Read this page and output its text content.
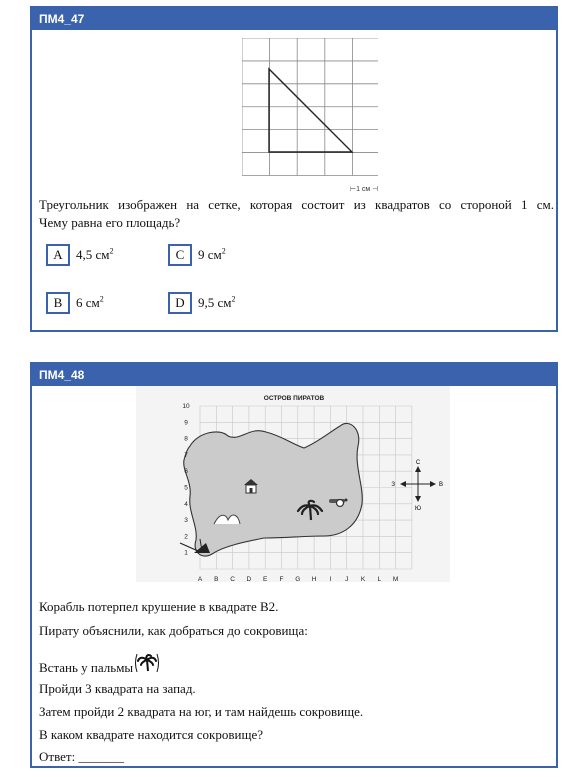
ПМ4_47
⊢1 см ⊣
Треугольник изображен на сетке, которая состоит из квадратов со стороной 1 см.
Чему равна его площадь?
A	4,5 $см^2$	C	9 $см^2$
B	6 $см^2$	D	9,5 $см^2$
ПМ4_48
ОСТРОВ ПИРАТОВ
10
9
8
7
6
5
4
3
2
1
A B C D E F G H I J K L M
С
Ю
З	В
Корабль потерпел крушение в квадрате B2.
Пирату объяснили, как добраться до сокровища:
Встань у пальмы
Пройди 3 квадрата на запад.
Затем пройди 2 квадрата на юг, и там найдешь сокровище.
В каком квадрате находится сокровище?
Ответ: _______
